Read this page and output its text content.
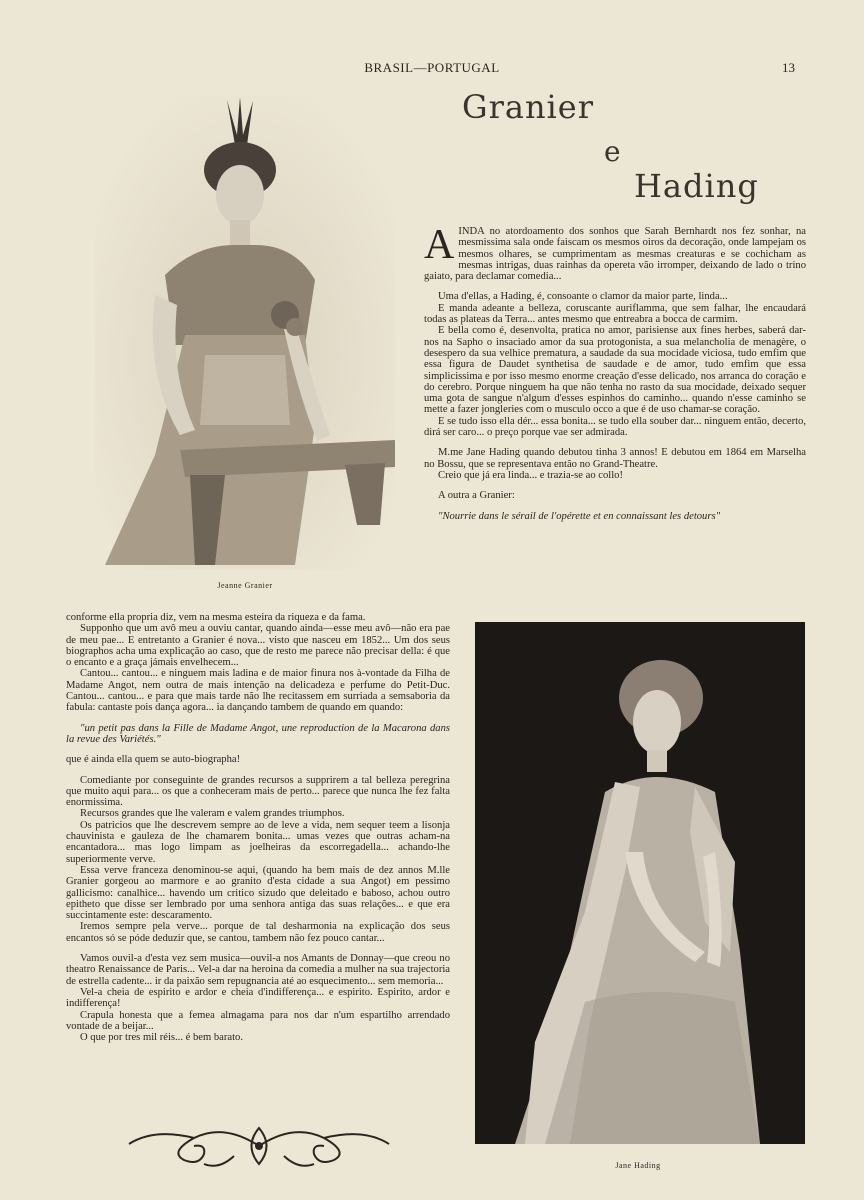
BRASIL—PORTUGAL	13
Granier
e
Hading
Jeanne Granier

AINDA no atordoamento dos sonhos que Sarah Bernhardt nos fez sonhar, na mesmissima sala onde faiscam os mesmos oiros da decoração, onde lampejam os mesmos olhares, se cumprimentam as mesmas creaturas e se cochicham as mesmas intrigas, duas rainhas da opereta vão irromper, deixando de lado o trino gaiato, para declamar comedia...

Uma d'ellas, a Hading, é, consoante o clamor da maior parte, linda...

E manda adeante a belleza, coruscante auriflamma, que sem falhar, lhe encaudará todas as plateas da Terra... antes mesmo que entreabra a bocca de carmim.

E bella como é, desenvolta, pratica no amor, parisiense aux fines herbes, saberá dar-nos na Sapho o insaciado amor da sua protogonista, a sua melancholia de menagère, o desespero da sua velhice prematura, a saudade da sua mocidade viciosa, tudo emfim que essa figura de Daudet synthetisa de saudade e de amor, tudo emfim que essa simplicissima e por isso mesmo enorme creação d'esse delicado, nos arranca do coração e do cerebro. Porque ninguem ha que não tenha no rasto da sua mocidade, deixado sequer uma gota de sangue n'algum d'esses espinhos do caminho... quando n'esse caminho se mette a fazer jongleries com o musculo occo a que é de uso chamar-se coração.

E se tudo isso ella dér... essa bonita... se tudo ella souber dar... ninguem então, decerto, dirá ser caro... o preço porque vae ser admirada.

M.me Jane Hading quando debutou tinha 3 annos! E debutou em 1864 em Marselha no Bossu, que se representava então no Grand-Theatre.

Creio que já era linda... e trazia-se ao collo!

A outra a Granier:

"Nourrie dans le sérail de l'opérette et en connaissant les detours"

conforme ella propria diz, vem na mesma esteira da riqueza e da fama.

Supponho que um avô meu a ouviu cantar, quando ainda—esse meu avô—não era pae de meu pae... E entretanto a Granier é nova... visto que nasceu em 1852... Um dos seus biographos acha uma explicação ao caso, que de resto me parece não precisar della: é que o encanto e a graça jámais envelhecem...

Cantou... cantou... e ninguem mais ladina e de maior finura nos à-vontade da Filha de Madame Angot, nem outra de mais intenção na delicadeza e perfume do Petit-Duc. Cantou... cantou... e para que mais tarde não lhe recitassem em surriada a semsaboria da fabula: cantaste pois dança agora... ia dançando tambem de quando em quando:

"un petit pas dans la Fille de Madame Angot, une reproduction de la Macarona dans la revue des Variétés."

que é ainda ella quem se auto-biographa!

Comediante por conseguinte de grandes recursos a supprirem a tal belleza peregrina que muito aqui para... os que a conheceram mais de perto... parece que nunca lhe fez falta enormissima.

Recursos grandes que lhe valeram e valem grandes triumphos.

Os patricios que lhe descrevem sempre ao de leve a vida, nem sequer teem a lisonja chauvinista e gauleza de lhe chamarem bonita... umas vezes que outras acham-na encantadora... mas logo limpam as joelheiras da escorregadella... achando-lhe superiormente verve.

Essa verve franceza denominou-se aqui, (quando ha bem mais de dez annos M.lle Granier gorgeou ao marmore e ao granito d'esta cidade a sua Angot) em pessimo gallicismo: canalhice... havendo um critico sizudo que deleitado e baboso, achou outro epitheto que disse ser lembrado por uma senhora antiga das suas relações... e que era succintamente este: descaramento.

Iremos sempre pela verve... porque de tal desharmonia na explicação dos seus encantos só se póde deduzir que, se cantou, tambem não fez pouco cantar...

Vamos ouvil-a d'esta vez sem musica—ouvil-a nos Amants de Donnay—que creou no theatro Renaissance de Paris... Vel-a dar na heroina da comedia a mulher na sua trajectoria de estrella cadente... ir da paixão sem repugnancia até ao esquecimento... sem memoria...

Vel-a cheia de espirito e ardor e cheia d'indifferença... e espirito. Espirito, ardor e indifferença!

Crapula honesta que a femea almagama para nos dar n'um espartilho arrendado vontade de a beijar...

O que por tres mil réis... é bem barato.

Jane Hading
